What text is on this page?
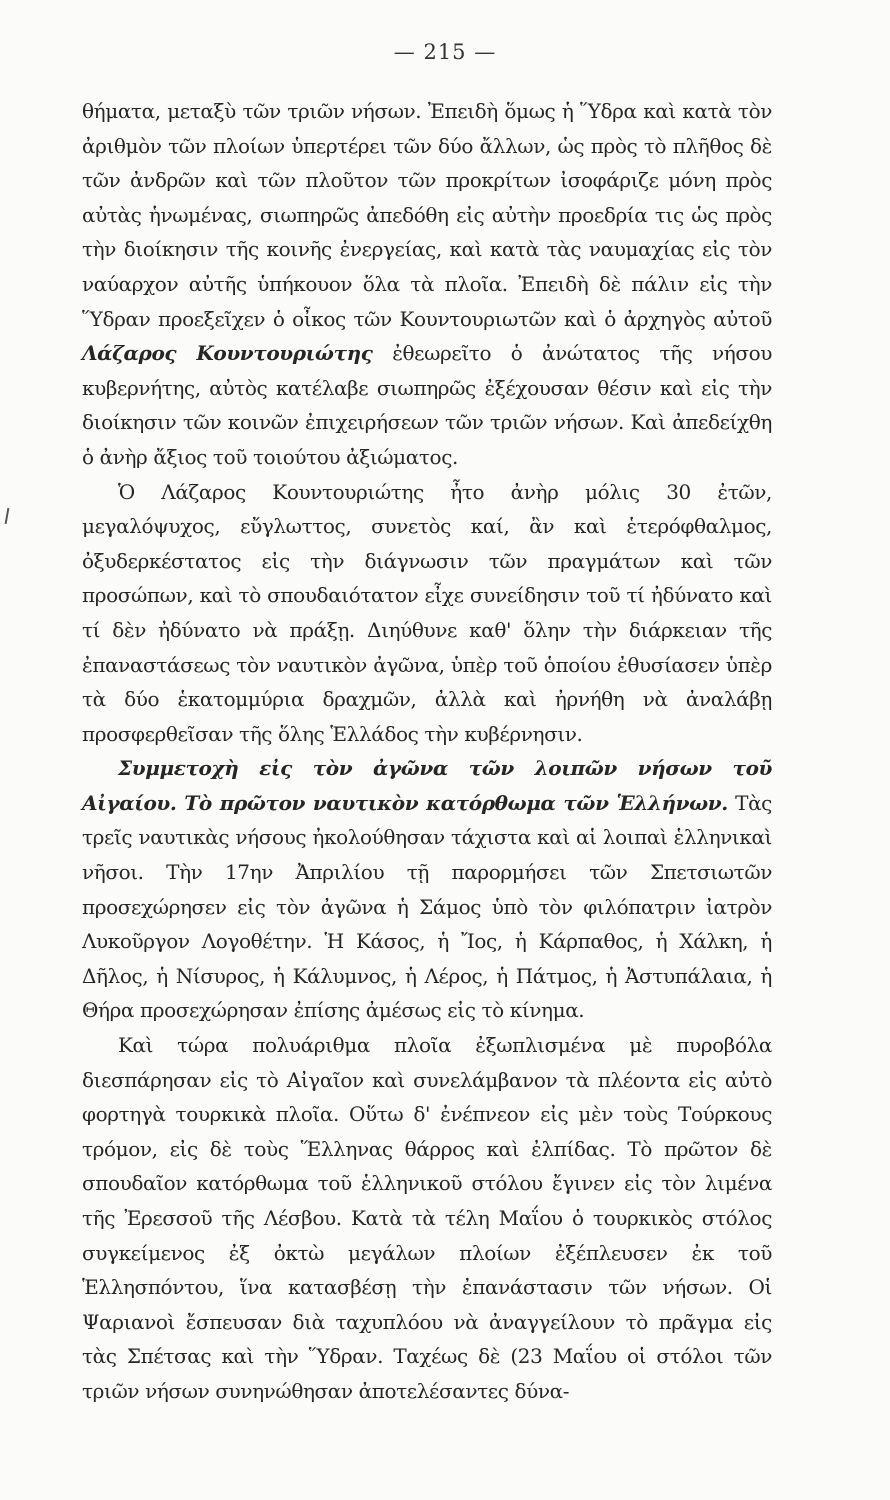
— 215 —

θήματα, μεταξὺ τῶν τριῶν νήσων. Ἐπειδὴ ὅμως ἡ Ὕδρα καὶ κατὰ τὸν ἀριθμὸν τῶν πλοίων ὑπερτέρει τῶν δύο ἄλλων, ὡς πρὸς τὸ πλῆθος δὲ τῶν ἀνδρῶν καὶ τῶν πλοῦτον τῶν προκρίτων ἰσοφάριζε μόνη πρὸς αὐτὰς ἡνωμένας, σιωπηρῶς ἀπεδόθη εἰς αὐτὴν προεδρία τις ὡς πρὸς τὴν διοίκησιν τῆς κοινῆς ἐνεργείας, καὶ κατὰ τὰς ναυμαχίας εἰς τὸν ναύαρχον αὐτῆς ὑπήκουον ὅλα τὰ πλοῖα. Ἐπειδὴ δὲ πάλιν εἰς τὴν Ὕδραν προεξεῖχεν ὁ οἶκος τῶν Κουντουριωτῶν καὶ ὁ ἀρχηγὸς αὐτοῦ Λάζαρος Κουντουριώτης ἐθεωρεῖτο ὁ ἀνώτατος τῆς νήσου κυβερνήτης, αὐτὸς κατέλαβε σιωπηρῶς ἐξέχουσαν θέσιν καὶ εἰς τὴν διοίκησιν τῶν κοινῶν ἐπιχειρήσεων τῶν τριῶν νήσων. Καὶ ἀπεδείχθη ὁ ἀνὴρ ἄξιος τοῦ τοιούτου ἀξιώματος.

Ὁ Λάζαρος Κουντουριώτης ἦτο ἀνὴρ μόλις 30 ἐτῶν, μεγαλόψυχος, εὔγλωττος, συνετὸς καί, ἂν καὶ ἑτερόφθαλμος, ὀξυδερκέστατος εἰς τὴν διάγνωσιν τῶν πραγμάτων καὶ τῶν προσώπων, καὶ τὸ σπουδαιότατον εἶχε συνείδησιν τοῦ τί ἠδύνατο καὶ τί δὲν ἠδύνατο νὰ πράξῃ. Διηύθυνε καθ' ὅλην τὴν διάρκειαν τῆς ἐπαναστάσεως τὸν ναυτικὸν ἀγῶνα, ὑπὲρ τοῦ ὁποίου ἐθυσίασεν ὑπὲρ τὰ δύο ἑκατομμύρια δραχμῶν, ἀλλὰ καὶ ἠρνήθη νὰ ἀναλάβῃ προσφερθεῖσαν τῆς ὅλης Ἑλλάδος τὴν κυβέρνησιν.

Συμμετοχὴ εἰς τὸν ἀγῶνα τῶν λοιπῶν νήσων τοῦ Αἰγαίου. Τὸ πρῶτον ναυτικὸν κατόρθωμα τῶν Ἑλλήνων. Τὰς τρεῖς ναυτικὰς νήσους ἠκολούθησαν τάχιστα καὶ αἱ λοιπαὶ ἑλληνικαὶ νῆσοι. Τὴν 17ην Ἀπριλίου τῇ παρορμήσει τῶν Σπετσιωτῶν προσεχώρησεν εἰς τὸν ἀγῶνα ἡ Σάμος ὑπὸ τὸν φιλόπατριν ἰατρὸν Λυκοῦργον Λογοθέτην. Ἡ Κάσος, ἡ Ἴος, ἡ Κάρπαθος, ἡ Χάλκη, ἡ Δῆλος, ἡ Νίσυρος, ἡ Κάλυμνος, ἡ Λέρος, ἡ Πάτμος, ἡ Ἀστυπάλαια, ἡ Θήρα προσεχώρησαν ἐπίσης ἀμέσως εἰς τὸ κίνημα.

Καὶ τώρα πολυάριθμα πλοῖα ἐξωπλισμένα μὲ πυροβόλα διεσπάρησαν εἰς τὸ Αἰγαῖον καὶ συνελάμβανον τὰ πλέοντα εἰς αὐτὸ φορτηγὰ τουρκικὰ πλοῖα. Οὕτω δ' ἐνέπνεον εἰς μὲν τοὺς Τούρκους τρόμον, εἰς δὲ τοὺς Ἕλληνας θάρρος καὶ ἐλπίδας. Τὸ πρῶτον δὲ σπουδαῖον κατόρθωμα τοῦ ἑλληνικοῦ στόλου ἔγινεν εἰς τὸν λιμένα τῆς Ἐρεσσοῦ τῆς Λέσβου. Κατὰ τὰ τέλη Μαΐου ὁ τουρκικὸς στόλος συγκείμενος ἐξ ὀκτὼ μεγάλων πλοίων ἐξέπλευσεν ἐκ τοῦ Ἑλλησπόντου, ἵνα κατασβέσῃ τὴν ἐπανάστασιν τῶν νήσων. Οἱ Ψαριανοὶ ἔσπευσαν διὰ ταχυπλόου νὰ ἀναγγείλουν τὸ πρᾶγμα εἰς τὰς Σπέτσας καὶ τὴν Ὕδραν. Ταχέως δὲ (23 Μαΐου οἱ στόλοι τῶν τριῶν νήσων συνηνώθησαν ἀποτελέσαντες δύνα-
